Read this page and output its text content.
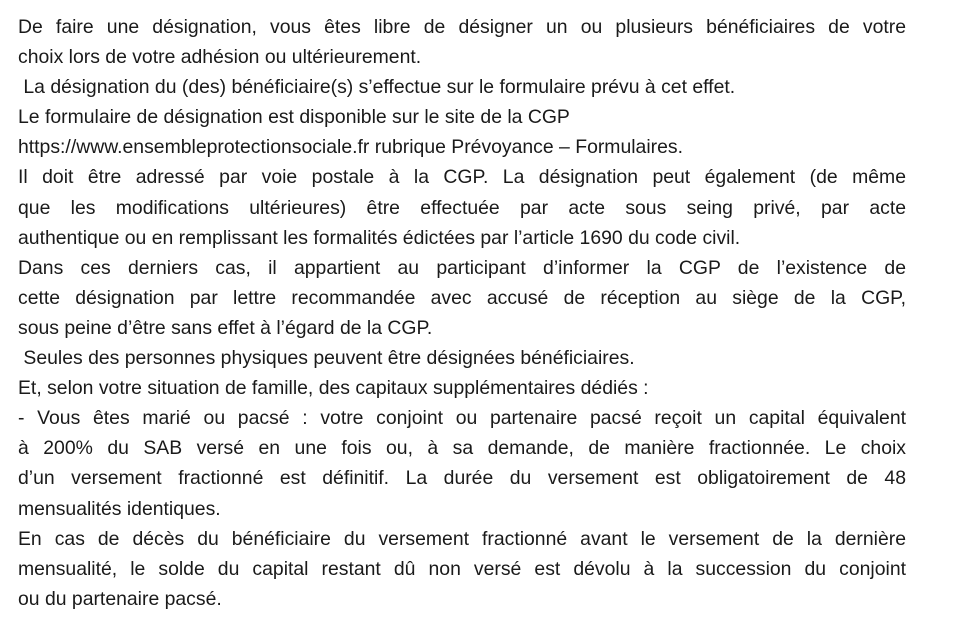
De faire une désignation, vous êtes libre de désigner un ou plusieurs bénéficiaires de votre
choix lors de votre adhésion ou ultérieurement.
La désignation du (des) bénéficiaire(s) s’effectue sur le formulaire prévu à cet effet.
Le formulaire de désignation est disponible sur le site de la CGP
https://www.ensembleprotectionsociale.fr rubrique Prévoyance – Formulaires.
Il doit être adressé par voie postale à la CGP. La désignation peut également (de même
que les modifications ultérieures) être effectuée par acte sous seing privé, par acte
authentique ou en remplissant les formalités édictées par l’article 1690 du code civil.
Dans ces derniers cas, il appartient au participant d’informer la CGP de l’existence de
cette désignation par lettre recommandée avec accusé de réception au siège de la CGP,
sous peine d’être sans effet à l’égard de la CGP.
Seules des personnes physiques peuvent être désignées bénéficiaires.
Et, selon votre situation de famille, des capitaux supplémentaires dédiés :
- Vous êtes marié ou pacsé : votre conjoint ou partenaire pacsé reçoit un capital équivalent
à 200% du SAB versé en une fois ou, à sa demande, de manière fractionnée. Le choix
d’un versement fractionné est définitif. La durée du versement est obligatoirement de 48
mensualités identiques.
En cas de décès du bénéficiaire du versement fractionné avant le versement de la dernière
mensualité, le solde du capital restant dû non versé est dévolu à la succession du conjoint
ou du partenaire pacsé.
